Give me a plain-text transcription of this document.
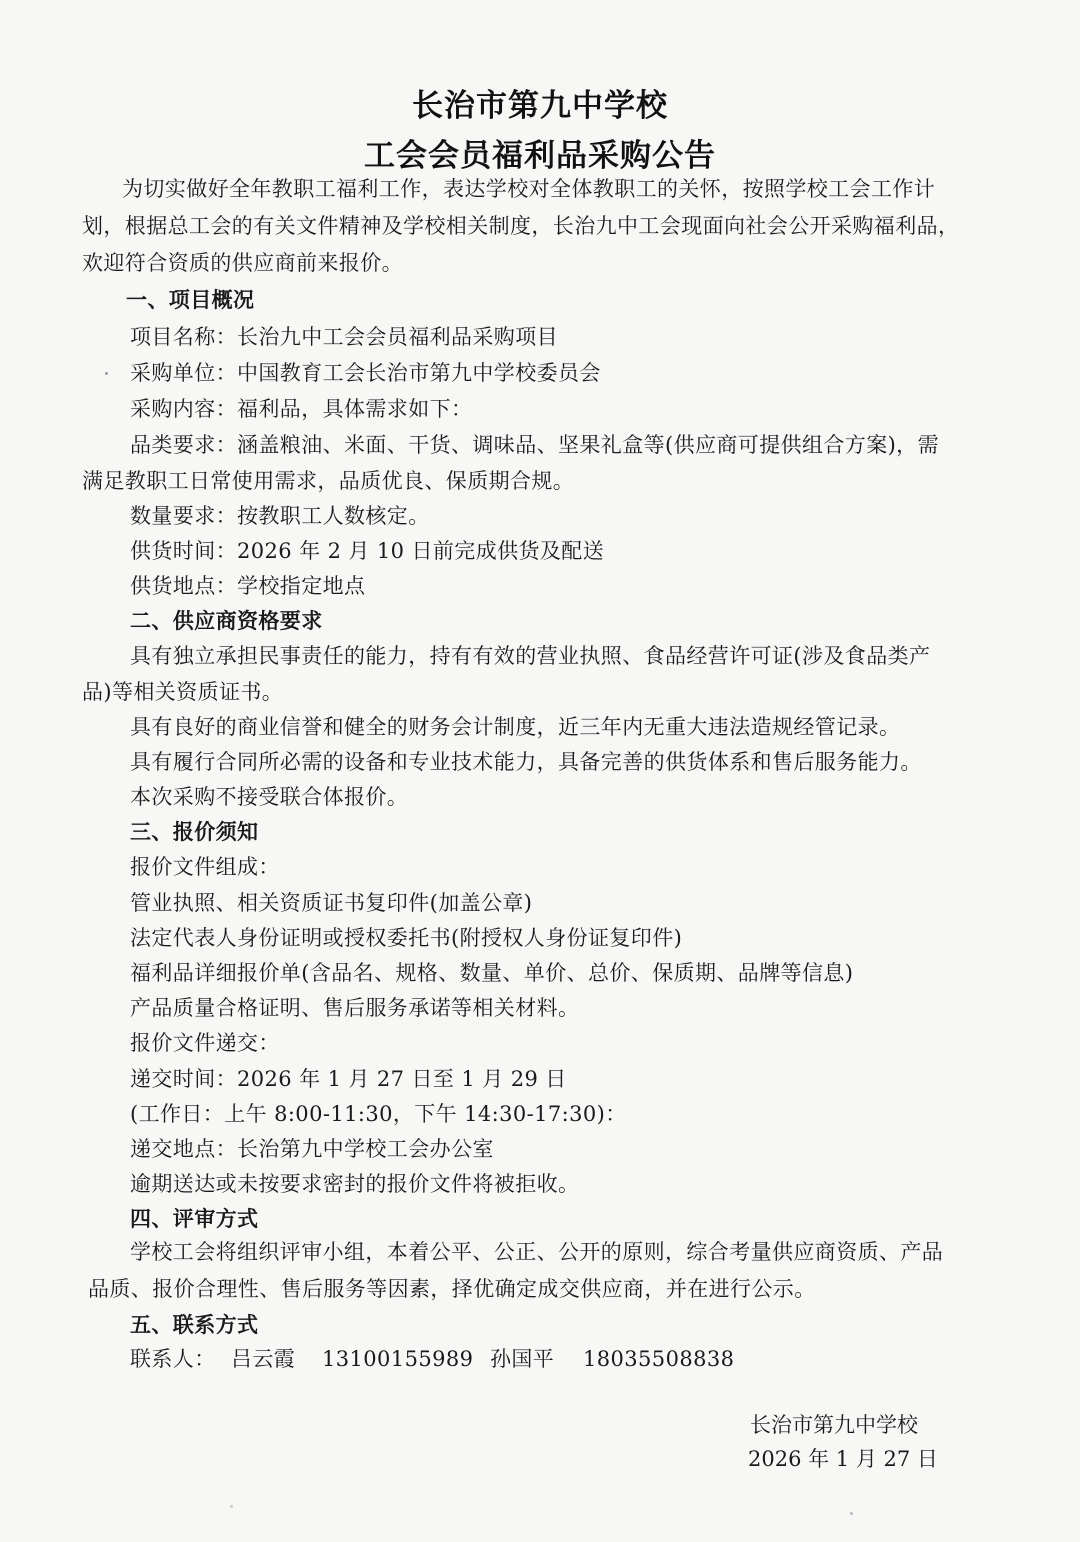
长治市第九中学校
工会会员福利品采购公告

为切实做好全年教职工福利工作，表达学校对全体教职工的关怀，按照学校工会工作计

划，根据总工会的有关文件精神及学校相关制度，长治九中工会现面向社会公开采购福利品，

欢迎符合资质的供应商前来报价。

一、项目概况

项目名称：长治九中工会会员福利品采购项目

采购单位：中国教育工会长治市第九中学校委员会

采购内容：福利品，具体需求如下：

品类要求：涵盖粮油、米面、干货、调味品、坚果礼盒等(供应商可提供组合方案)，需

满足教职工日常使用需求，品质优良、保质期合规。

数量要求：按教职工人数核定。

供货时间：2026 年 2 月 10 日前完成供货及配送

供货地点：学校指定地点

二、供应商资格要求

具有独立承担民事责任的能力，持有有效的营业执照、食品经营许可证(涉及食品类产

品)等相关资质证书。

具有良好的商业信誉和健全的财务会计制度，近三年内无重大违法造规经管记录。

具有履行合同所必需的设备和专业技术能力，具备完善的供货体系和售后服务能力。

本次采购不接受联合体报价。

三、报价须知

报价文件组成：

管业执照、相关资质证书复印件(加盖公章)

法定代表人身份证明或授权委托书(附授权人身份证复印件)

福利品详细报价单(含品名、规格、数量、单价、总价、保质期、品牌等信息)

产品质量合格证明、售后服务承诺等相关材料。

报价文件递交：

递交时间：2026 年 1 月 27 日至 1 月 29 日

(工作日：上午 8:00-11:30，下午 14:30-17:30)：

递交地点：长治第九中学校工会办公室

逾期送达或未按要求密封的报价文件将被拒收。

四、评审方式

学校工会将组织评审小组，本着公平、公正、公开的原则，综合考量供应商资质、产品

品质、报价合理性、售后服务等因素，择优确定成交供应商，并在进行公示。

五、联系方式

联系人： 吕云霞 13100155989 孙国平 18035508838

长治市第九中学校

2026 年 1 月 27 日
